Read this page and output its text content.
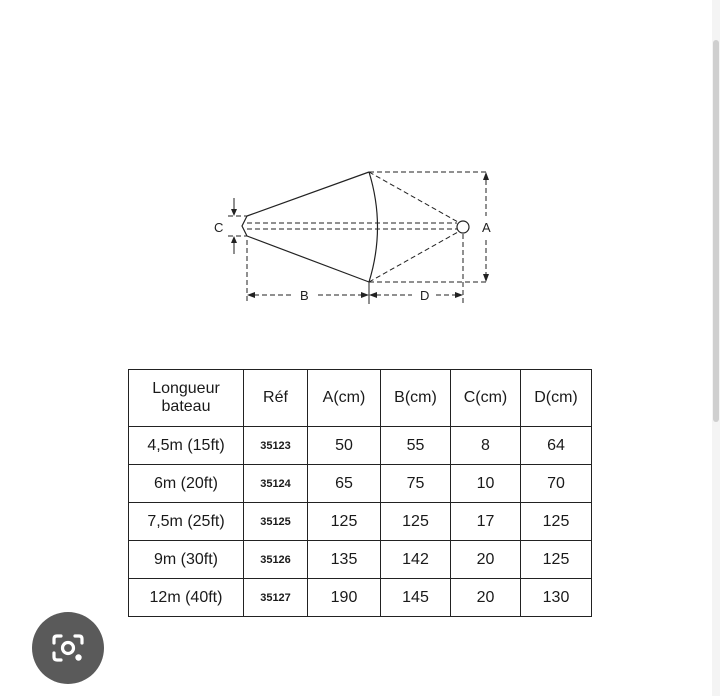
C	A
B	D
Longueur
bateau	Réf	A(cm)	B(cm)	C(cm)	D(cm)
4,5m (15ft)	35123	50	55	8	64
6m (20ft)	35124	65	75	10	70
7,5m (25ft)	35125	125	125	17	125
9m (30ft)	35126	135	142	20	125
12m (40ft)	35127	190	145	20	130
